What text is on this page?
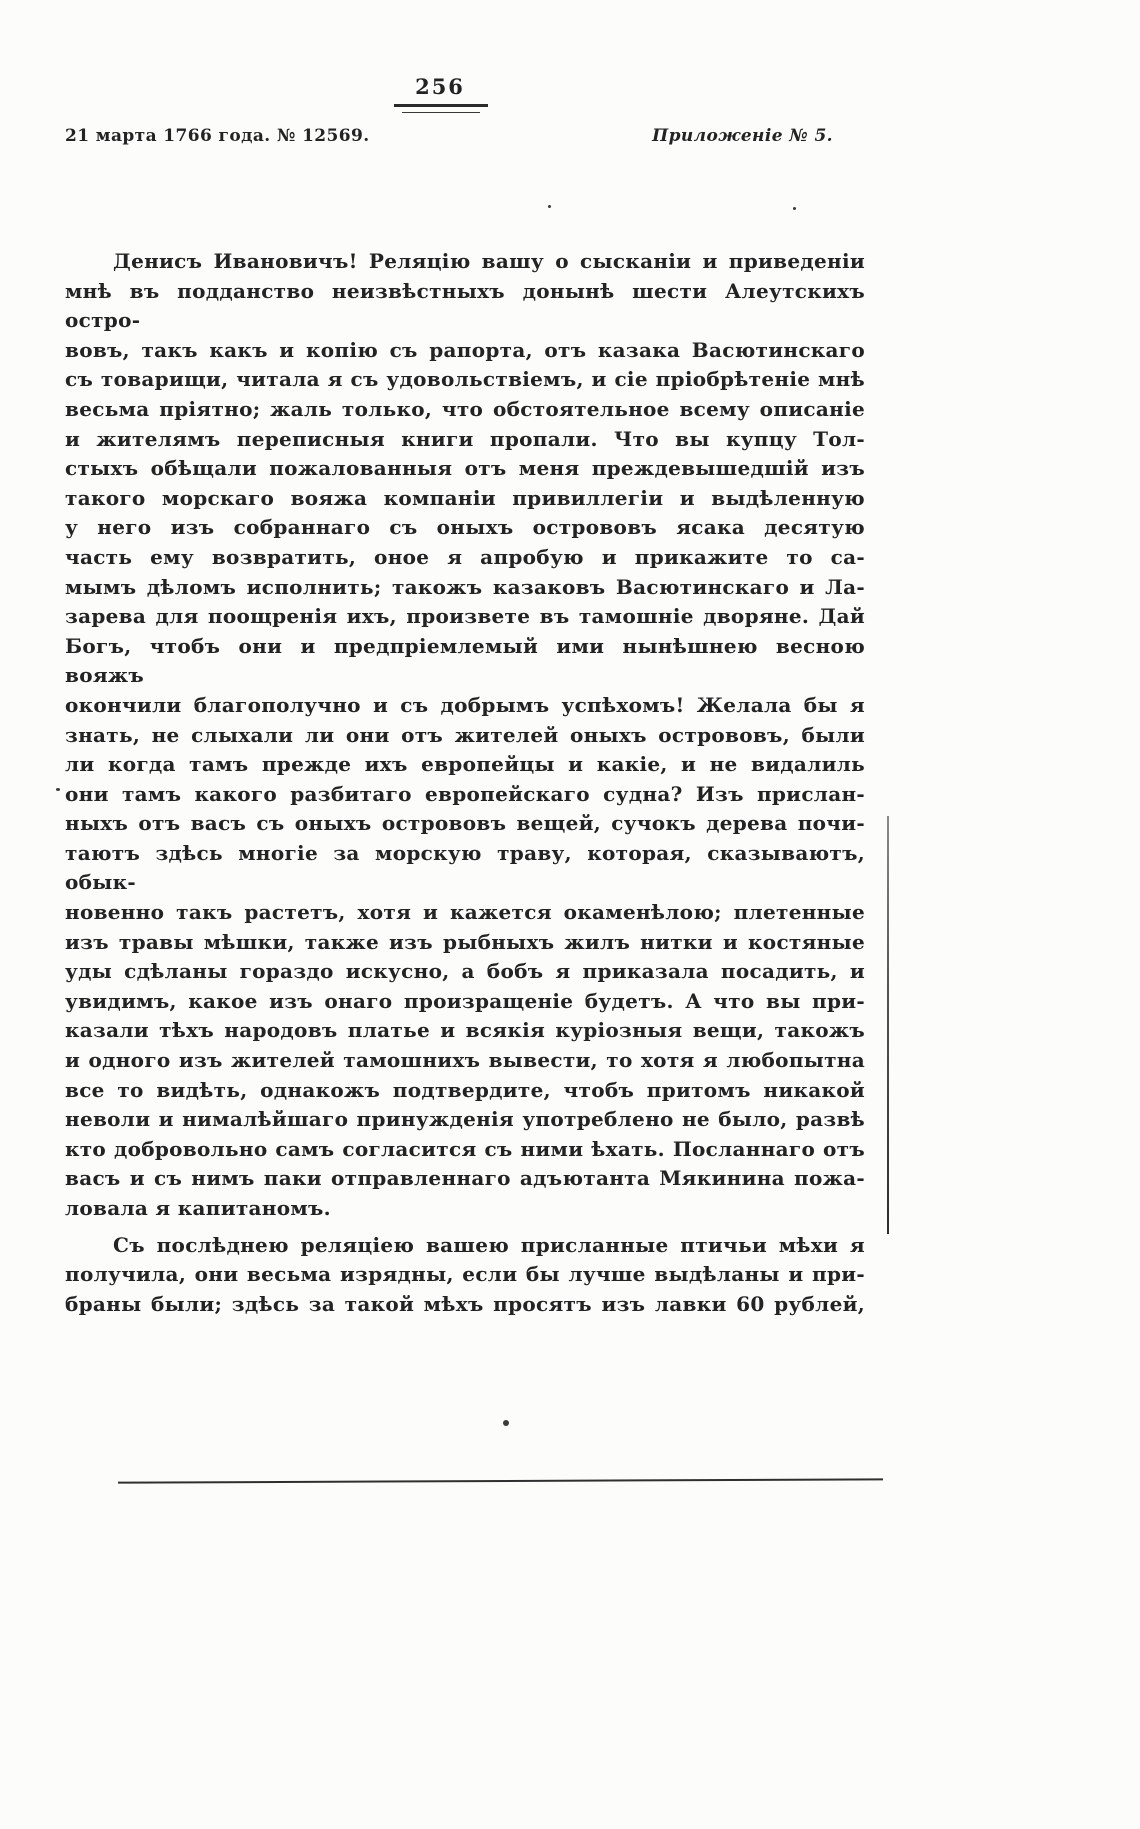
256
21 марта 1766 года. № 12569.	Приложеніе № 5.
Денисъ Ивановичъ! Реляцію вашу о сысканіи и приведеніи
мнѣ въ подданство неизвѣстныхъ донынѣ шести Алеутскихъ остро-
вовъ, такъ какъ и копію съ рапорта, отъ казака Васютинскаго
съ товарищи, читала я съ удовольствіемъ, и сіе пріобрѣтеніе мнѣ
весьма пріятно; жаль только, что обстоятельное всему описаніе
и жителямъ переписныя книги пропали. Что вы купцу Тол-
стыхъ обѣщали пожалованныя отъ меня преждевышедшій изъ
такого морскаго вояжа компаніи привиллегіи и выдѣленную
у него изъ собраннаго съ оныхъ острововъ ясака десятую
часть ему возвратить, оное я апробую и прикажите то са-
мымъ дѣломъ исполнить; такожъ казаковъ Васютинскаго и Ла-
зарева для поощренія ихъ, произвете въ тамошніе дворяне. Дай
Богъ, чтобъ они и предпріемлемый ими нынѣшнею весною вояжъ
окончили благополучно и съ добрымъ успѣхомъ! Желала бы я
знать, не слыхали ли они отъ жителей оныхъ острововъ, были
ли когда тамъ прежде ихъ европейцы и какіе, и не видалиль
они тамъ какого разбитаго европейскаго судна? Изъ прислан-
ныхъ отъ васъ съ оныхъ острововъ вещей, сучокъ дерева почи-
таютъ здѣсь многіе за морскую траву, которая, сказываютъ, обык-
новенно такъ растетъ, хотя и кажется окаменѣлою; плетенные
изъ травы мѣшки, также изъ рыбныхъ жилъ нитки и костяные
уды сдѣланы гораздо искусно, а бобъ я приказала посадить, и
увидимъ, какое изъ онаго произращеніе будетъ. А что вы при-
казали тѣхъ народовъ платье и всякія куріозныя вещи, такожъ
и одного изъ жителей тамошнихъ вывести, то хотя я любопытна
все то видѣть, однакожъ подтвердите, чтобъ притомъ никакой
неволи и нималѣйшаго принужденія употреблено не было, развѣ
кто добровольно самъ согласится съ ними ѣхать. Посланнаго отъ
васъ и съ нимъ паки отправленнаго адъютанта Мякинина пожа-
ловала я капитаномъ.
Съ послѣднею реляціею вашею присланные птичьи мѣхи я
получила, они весьма изрядны, если бы лучше выдѣланы и при-
браны были; здѣсь за такой мѣхъ просятъ изъ лавки 60 рублей,
